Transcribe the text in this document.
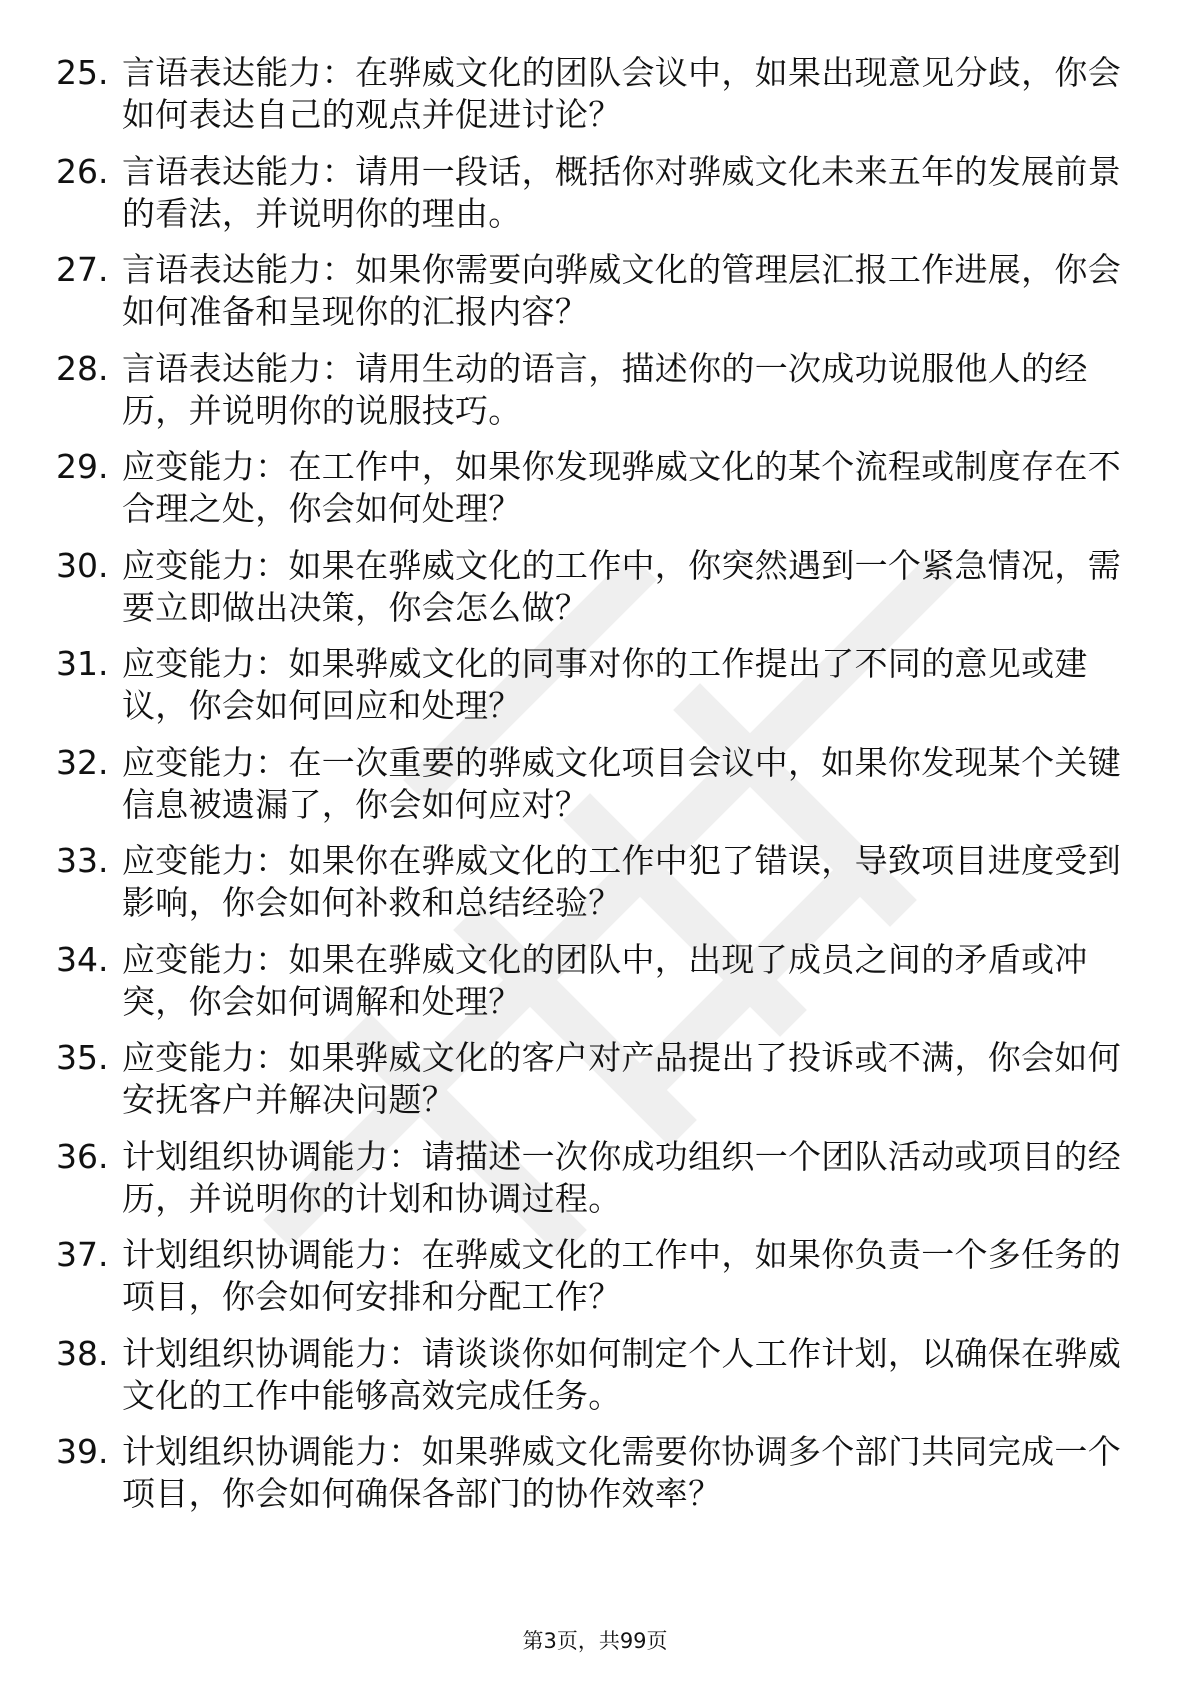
25. 言语表达能力：在骅威文化的团队会议中，如果出现意见分歧，你会如何表达自己的观点并促进讨论？
26. 言语表达能力：请用一段话，概括你对骅威文化未来五年的发展前景的看法，并说明你的理由。
27. 言语表达能力：如果你需要向骅威文化的管理层汇报工作进展，你会如何准备和呈现你的汇报内容？
28. 言语表达能力：请用生动的语言，描述你的一次成功说服他人的经历，并说明你的说服技巧。
29. 应变能力：在工作中，如果你发现骅威文化的某个流程或制度存在不合理之处，你会如何处理？
30. 应变能力：如果在骅威文化的工作中，你突然遇到一个紧急情况，需要立即做出决策，你会怎么做？
31. 应变能力：如果骅威文化的同事对你的工作提出了不同的意见或建议，你会如何回应和处理？
32. 应变能力：在一次重要的骅威文化项目会议中，如果你发现某个关键信息被遗漏了，你会如何应对？
33. 应变能力：如果你在骅威文化的工作中犯了错误，导致项目进度受到影响，你会如何补救和总结经验？
34. 应变能力：如果在骅威文化的团队中，出现了成员之间的矛盾或冲突，你会如何调解和处理？
35. 应变能力：如果骅威文化的客户对产品提出了投诉或不满，你会如何安抚客户并解决问题？
36. 计划组织协调能力：请描述一次你成功组织一个团队活动或项目的经历，并说明你的计划和协调过程。
37. 计划组织协调能力：在骅威文化的工作中，如果你负责一个多任务的项目，你会如何安排和分配工作？
38. 计划组织协调能力：请谈谈你如何制定个人工作计划，以确保在骅威文化的工作中能够高效完成任务。
39. 计划组织协调能力：如果骅威文化需要你协调多个部门共同完成一个项目，你会如何确保各部门的协作效率？
第3页，共99页
